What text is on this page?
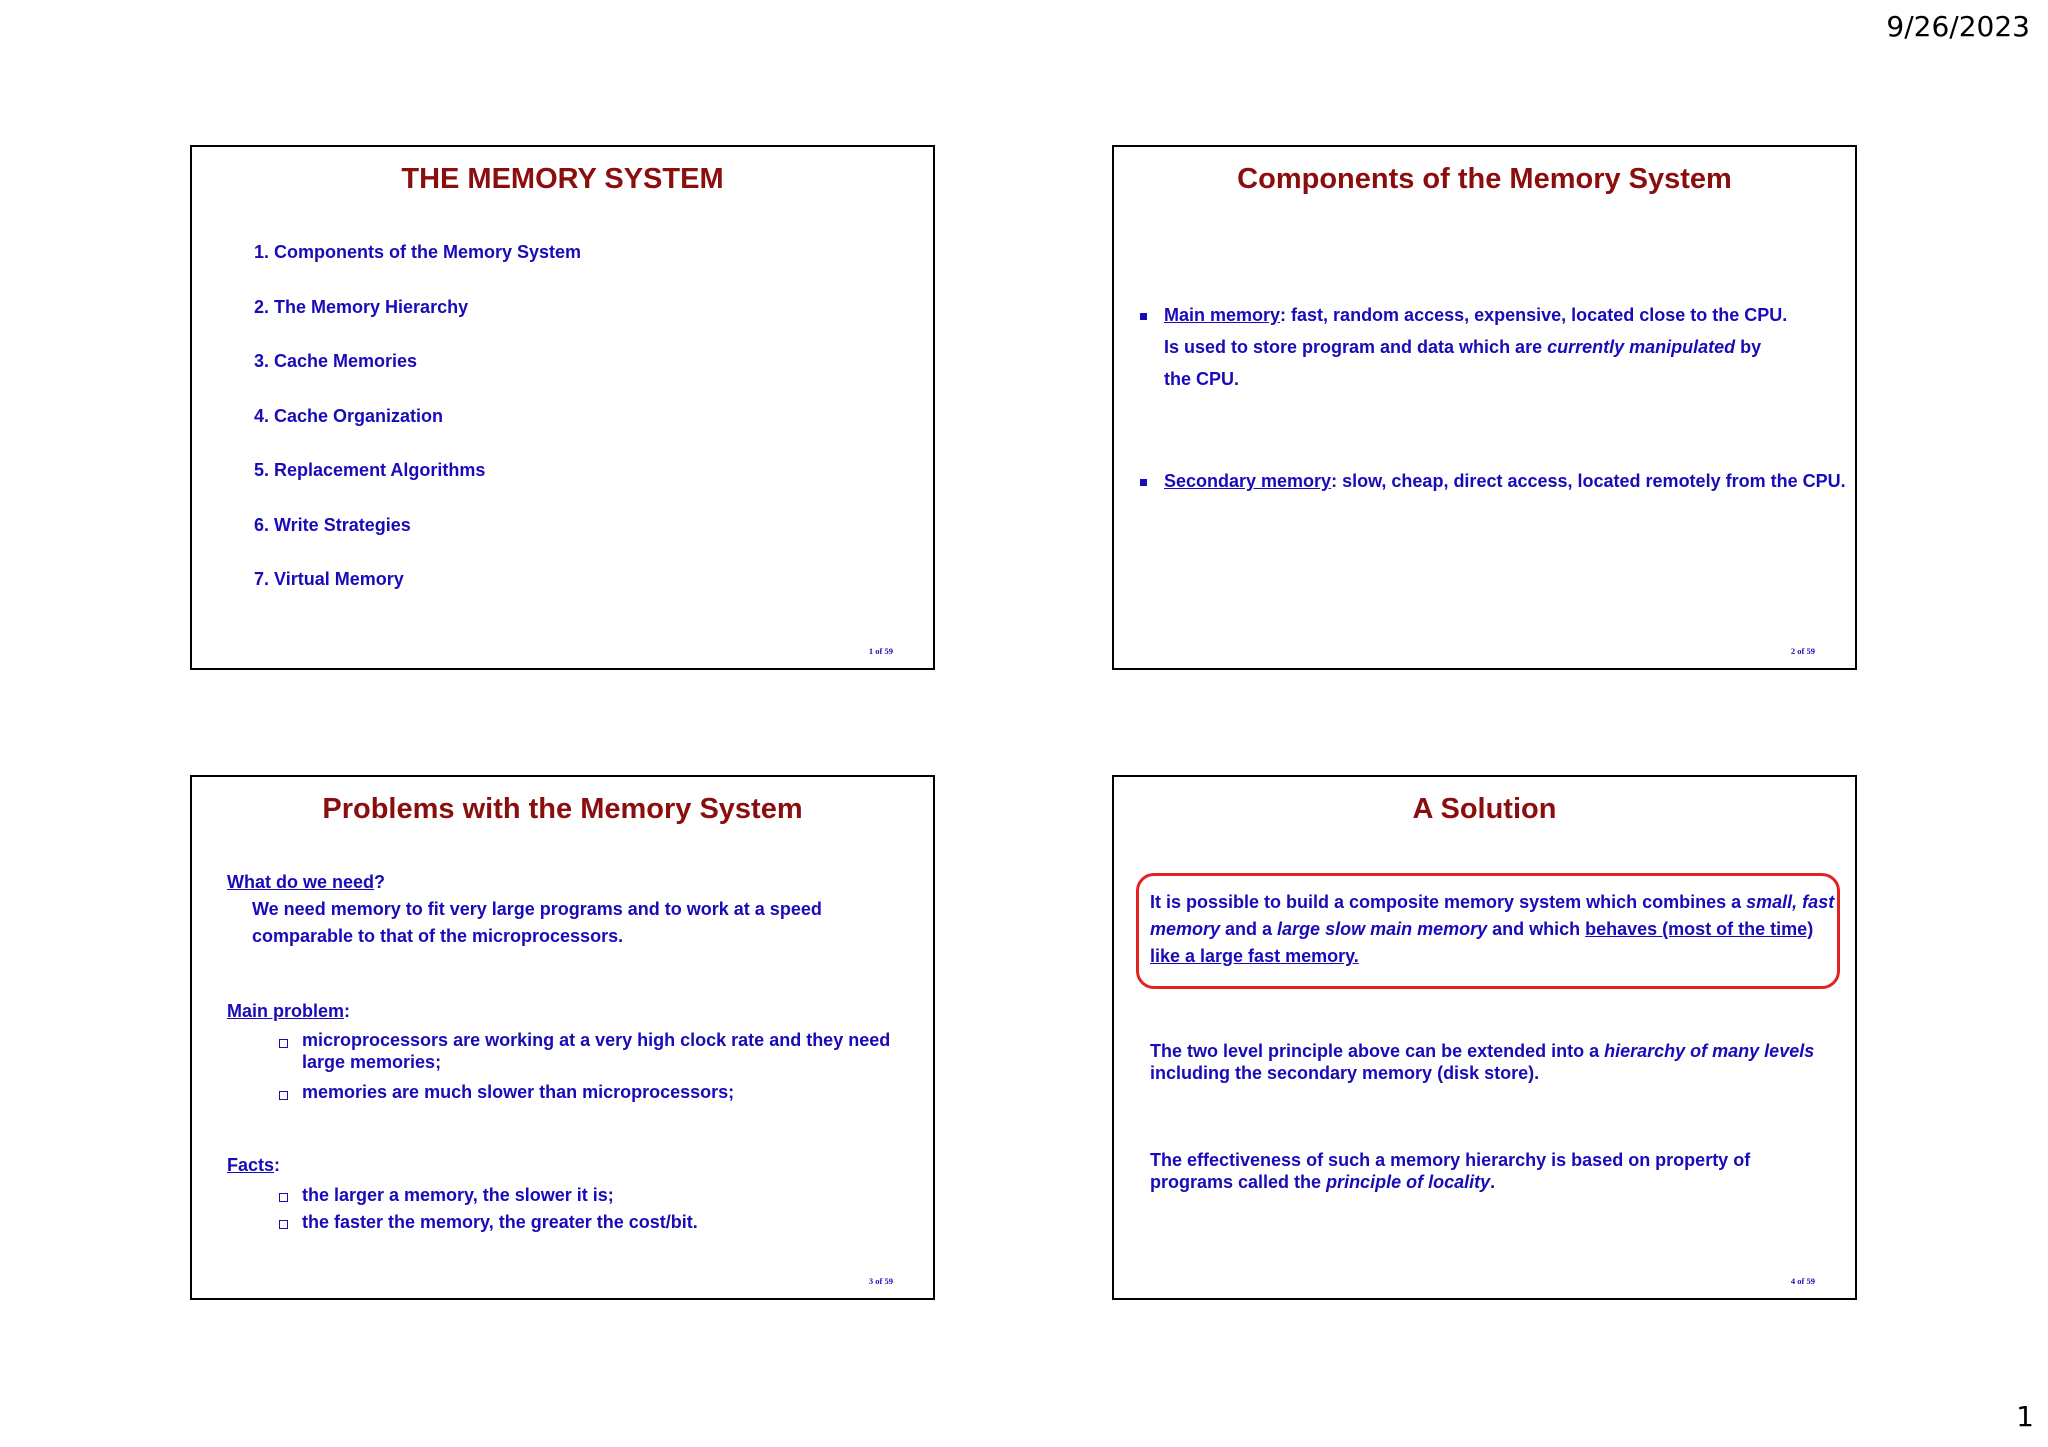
9/26/2023
THE MEMORY SYSTEM
1. Components of the Memory System
2. The Memory Hierarchy
3. Cache Memories
4. Cache Organization
5. Replacement Algorithms
6. Write Strategies
7. Virtual Memory
1 of 59
Components of the Memory System
Main memory: fast, random access, expensive, located close to the CPU.
Is used to store program and data which are currently manipulated by
the CPU.
Secondary memory: slow, cheap, direct access, located remotely from the CPU.
2 of 59
Problems with the Memory System
What do we need?
We need memory to fit very large programs and to work at a speed
comparable to that of the microprocessors.
Main problem:
microprocessors are working at a very high clock rate and they need
large memories;
memories are much slower than microprocessors;
Facts:
the larger a memory, the slower it is;
the faster the memory, the greater the cost/bit.
3 of 59
A Solution
It is possible to build a composite memory system which combines a small, fast
memory and a large slow main memory and which behaves (most of the time)
like a large fast memory.
The two level principle above can be extended into a hierarchy of many levels
including the secondary memory (disk store).
The effectiveness of such a memory hierarchy is based on property of
programs called the principle of locality.
4 of 59
1
